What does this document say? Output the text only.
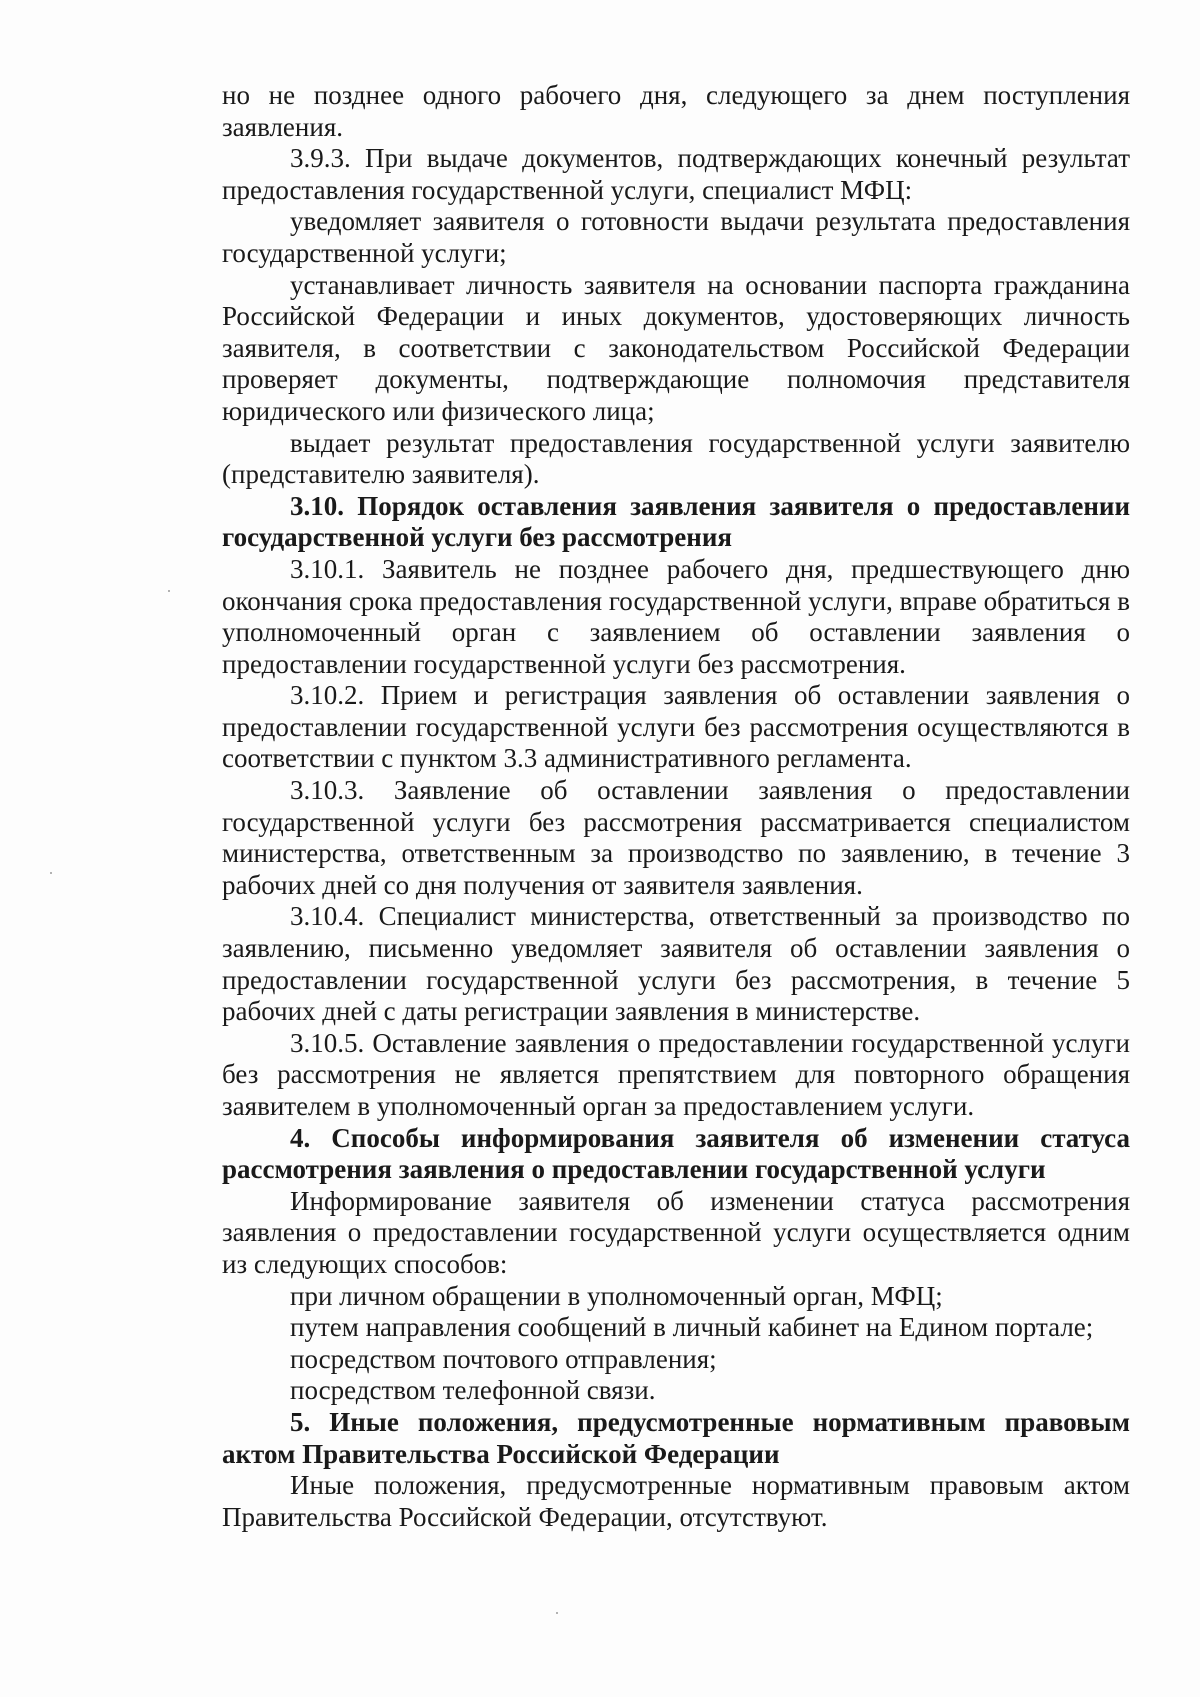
но не позднее одного рабочего дня, следующего за днем поступления заявления.

3.9.3. При выдаче документов, подтверждающих конечный результат предоставления государственной услуги, специалист МФЦ:

уведомляет заявителя о готовности выдачи результата предоставления государственной услуги;

устанавливает личность заявителя на основании паспорта гражданина Российской Федерации и иных документов, удостоверяющих личность заявителя, в соответствии с законодательством Российской Федерации проверяет документы, подтверждающие полномочия представителя юридического или физического лица;

выдает результат предоставления государственной услуги заявителю (представителю заявителя).

3.10. Порядок оставления заявления заявителя о предоставлении государственной услуги без рассмотрения

3.10.1. Заявитель не позднее рабочего дня, предшествующего дню окончания срока предоставления государственной услуги, вправе обратиться в уполномоченный орган с заявлением об оставлении заявления о предоставлении государственной услуги без рассмотрения.

3.10.2. Прием и регистрация заявления об оставлении заявления о предоставлении государственной услуги без рассмотрения осуществляются в соответствии с пунктом 3.3 административного регламента.

3.10.3. Заявление об оставлении заявления о предоставлении государственной услуги без рассмотрения рассматривается специалистом министерства, ответственным за производство по заявлению, в течение 3 рабочих дней со дня получения от заявителя заявления.

3.10.4. Специалист министерства, ответственный за производство по заявлению, письменно уведомляет заявителя об оставлении заявления о предоставлении государственной услуги без рассмотрения, в течение 5 рабочих дней с даты регистрации заявления в министерстве.

3.10.5. Оставление заявления о предоставлении государственной услуги без рассмотрения не является препятствием для повторного обращения заявителем в уполномоченный орган за предоставлением услуги.

4. Способы информирования заявителя об изменении статуса рассмотрения заявления о предоставлении государственной услуги

Информирование заявителя об изменении статуса рассмотрения заявления о предоставлении государственной услуги осуществляется одним из следующих способов:

при личном обращении в уполномоченный орган, МФЦ;

путем направления сообщений в личный кабинет на Едином портале;

посредством почтового отправления;

посредством телефонной связи.

5. Иные положения, предусмотренные нормативным правовым актом Правительства Российской Федерации

Иные положения, предусмотренные нормативным правовым актом Правительства Российской Федерации, отсутствуют.
